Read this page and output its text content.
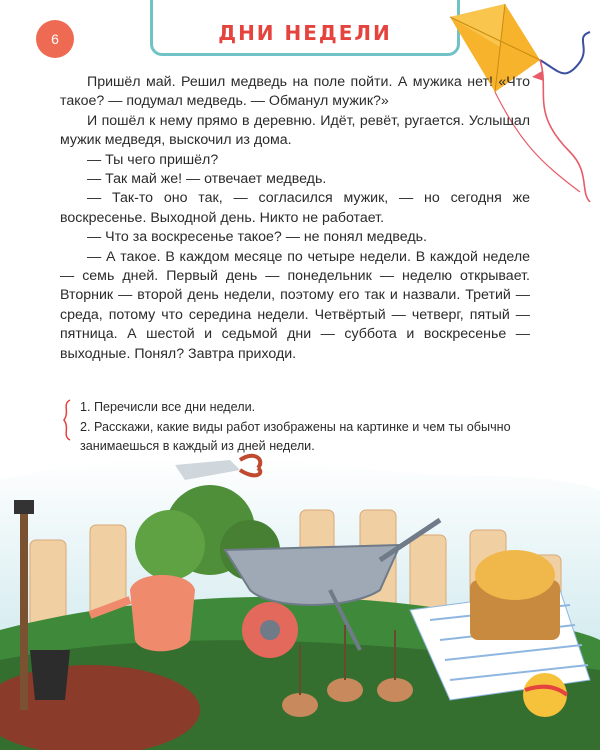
6	ДНИ НЕДЕЛИ

Пришёл май. Решил медведь на поле пойти. А мужика нет! «Что такое? — подумал медведь. — Обманул мужик?»

И пошёл к нему прямо в деревню. Идёт, ревёт, ругается. Услышал мужик медведя, выскочил из дома.

— Ты чего пришёл?

— Так май же! — отвечает медведь.

— Так-то оно так, — согласился мужик, — но сегодня же воскресенье. Выходной день. Никто не работает.

— Что за воскресенье такое? — не понял медведь.

— А такое. В каждом месяце по четыре недели. В каждой неделе — семь дней. Первый день — понедельник — неделю открывает. Вторник — второй день недели, поэтому его так и назвали. Третий — среда, потому что середина недели. Четвёртый — четверг, пятый — пятница. А шестой и седьмой дни — суббота и воскресенье — выходные. Понял? Завтра приходи.

1. Перечисли все дни недели.

2. Расскажи, какие виды работ изображены на картинке и чем ты обычно занимаешься в каждый из дней недели.
